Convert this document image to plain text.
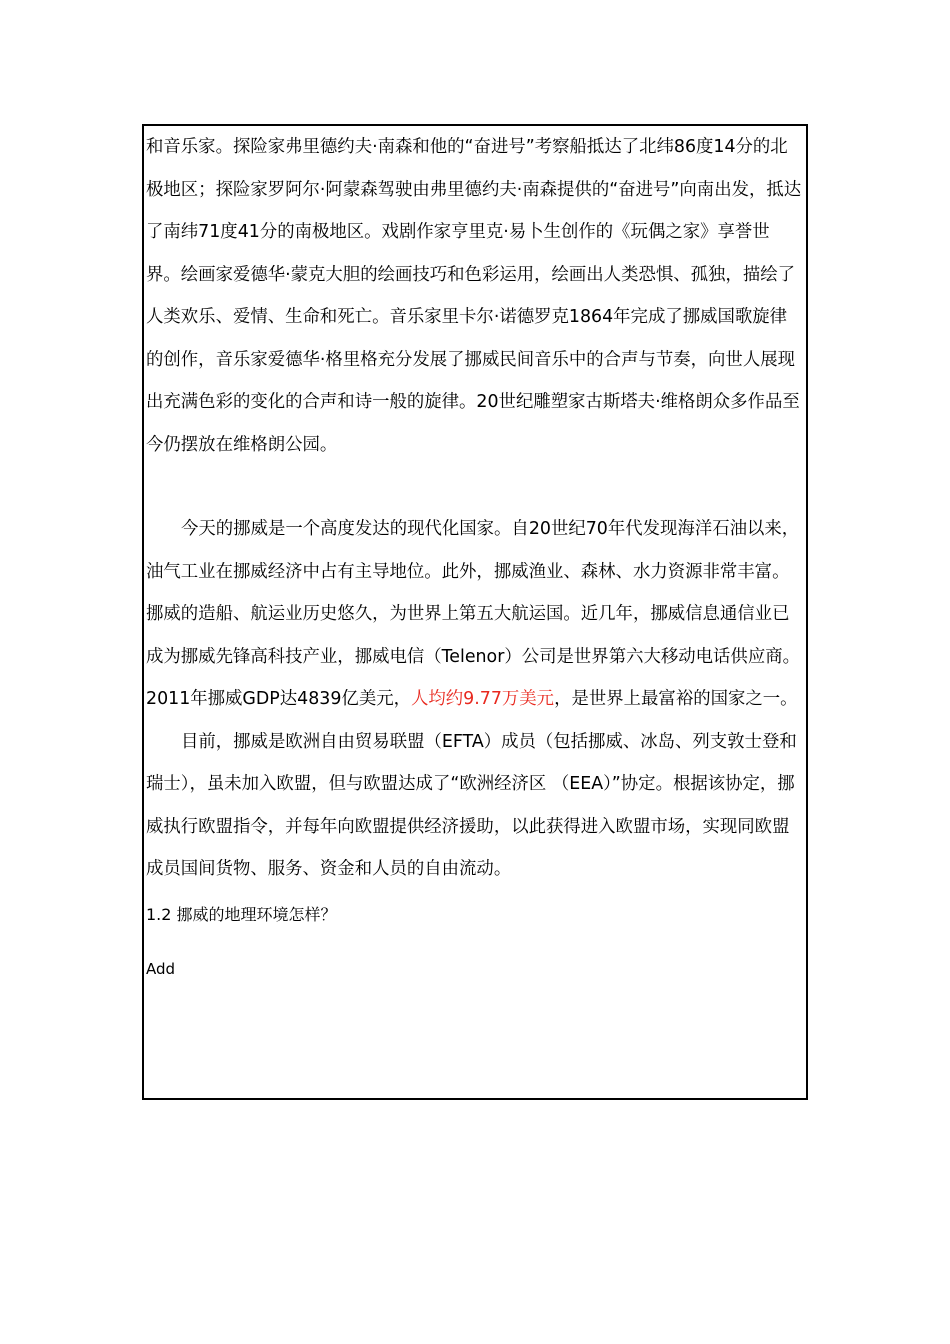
和音乐家。探险家弗里德约夫·南森和他的“奋进号”考察船抵达了北纬86度14分的北极地区；探险家罗阿尔·阿蒙森驾驶由弗里德约夫·南森提供的“奋进号”向南出发，抵达了南纬71度41分的南极地区。戏剧作家亨里克·易卜生创作的《玩偶之家》享誉世界。绘画家爱德华·蒙克大胆的绘画技巧和色彩运用，绘画出人类恐惧、孤独，描绘了人类欢乐、爱情、生命和死亡。音乐家里卡尔·诺德罗克1864年完成了挪威国歌旋律的创作，音乐家爱德华·格里格充分发展了挪威民间音乐中的合声与节奏，向世人展现出充满色彩的变化的合声和诗一般的旋律。20世纪雕塑家古斯塔夫·维格朗众多作品至今仍摆放在维格朗公园。

今天的挪威是一个高度发达的现代化国家。自20世纪70年代发现海洋石油以来，油气工业在挪威经济中占有主导地位。此外，挪威渔业、森林、水力资源非常丰富。挪威的造船、航运业历史悠久，为世界上第五大航运国。近几年，挪威信息通信业已成为挪威先锋高科技产业，挪威电信（Telenor）公司是世界第六大移动电话供应商。2011年挪威GDP达4839亿美元，人均约9.77万美元，是世界上最富裕的国家之一。

目前，挪威是欧洲自由贸易联盟（EFTA）成员（包括挪威、冰岛、列支敦士登和瑞士），虽未加入欧盟，但与欧盟达成了“欧洲经济区 （EEA）”协定。根据该协定，挪威执行欧盟指令，并每年向欧盟提供经济援助，以此获得进入欧盟市场，实现同欧盟成员国间货物、服务、资金和人员的自由流动。

1.2 挪威的地理环境怎样？
Add
